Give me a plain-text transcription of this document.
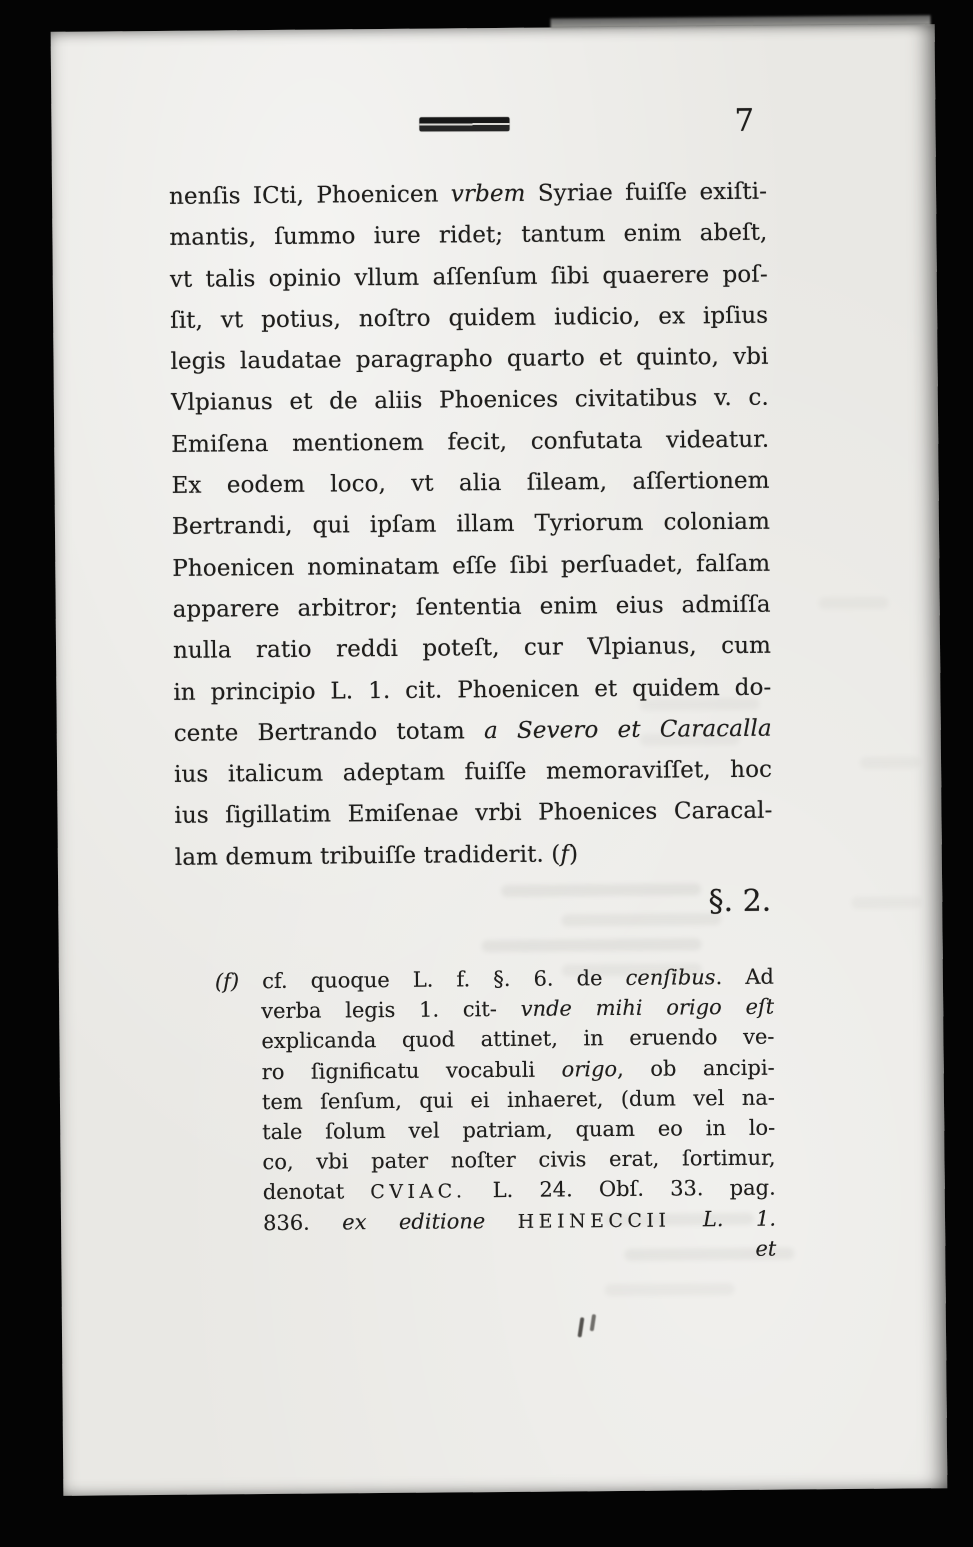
7
nenſis ICti, Phoenicen vrbem Syriae fuiſſe exiſti-
mantis, ſummo iure ridet; tantum enim abeſt,
vt talis opinio vllum aſſenſum ſibi quaerere poſ-
ſit, vt potius, noſtro quidem iudicio, ex ipſius
legis laudatae paragrapho quarto et quinto, vbi
Vlpianus et de aliis Phoenices civitatibus v. c.
Emiſena mentionem fecit, confutata videatur.
Ex eodem loco, vt alia ſileam, aſſertionem
Bertrandi, qui ipſam illam Tyriorum coloniam
Phoenicen nominatam eſſe ſibi perſuadet, falſam
apparere arbitror; ſententia enim eius admiſſa
nulla ratio reddi poteſt, cur Vlpianus, cum
in principio L. 1. cit. Phoenicen et quidem do-
cente Bertrando totam a Severo et Caracalla
ius italicum adeptam fuiſſe memoraviſſet, hoc
ius ſigillatim Emiſenae vrbi Phoenices Caracal-
lam demum tribuiſſe tradiderit. (f)
§. 2.
(f) cf. quoque L. f. §. 6. de cenſibus. Ad
verba legis 1. cit- vnde mihi origo eſt
explicanda quod attinet, in eruendo ve-
ro ſignificatu vocabuli origo, ob ancipi-
tem ſenſum, qui ei inhaeret, (dum vel na-
tale ſolum vel patriam, quam eo in lo-
co, vbi pater noſter civis erat, ſortimur,
denotat CVIAC. L. 24. Obſ. 33. pag.
836. ex editione HEINECCII L. 1.
et
